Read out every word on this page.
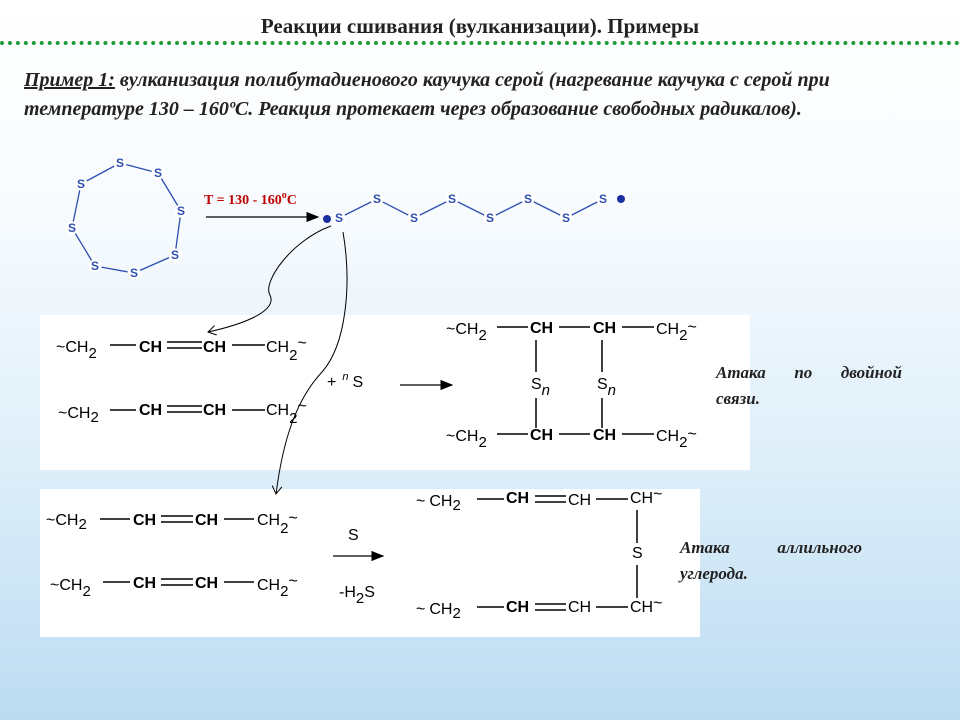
Реакции сшивания (вулканизации). Примеры
Пример 1: вулканизация полибутадиенового каучука серой (нагревание каучука с серой при температуре 130 – 160ºС. Реакция протекает через образование свободных радикалов).
Атака по двойной
связи.
Атака аллильного
углерода.
S
S
S
S
S
S
S
S
T = 130 - 160$^o$C
S
S
S
S
S
S
S
S
~CH2	CH	CH CH2~
~CH2	CH	CH CH2~
+ $^n$ S
~CH2	CH CH CH2~
Sn	Sn
~CH2	CH CH CH2~
~CH2	CH CH CH2~
~CH2	CH CH CH2~
S
-H2S
~ CH2	CH CH CH~
S
~ CH2	CH CH CH~
